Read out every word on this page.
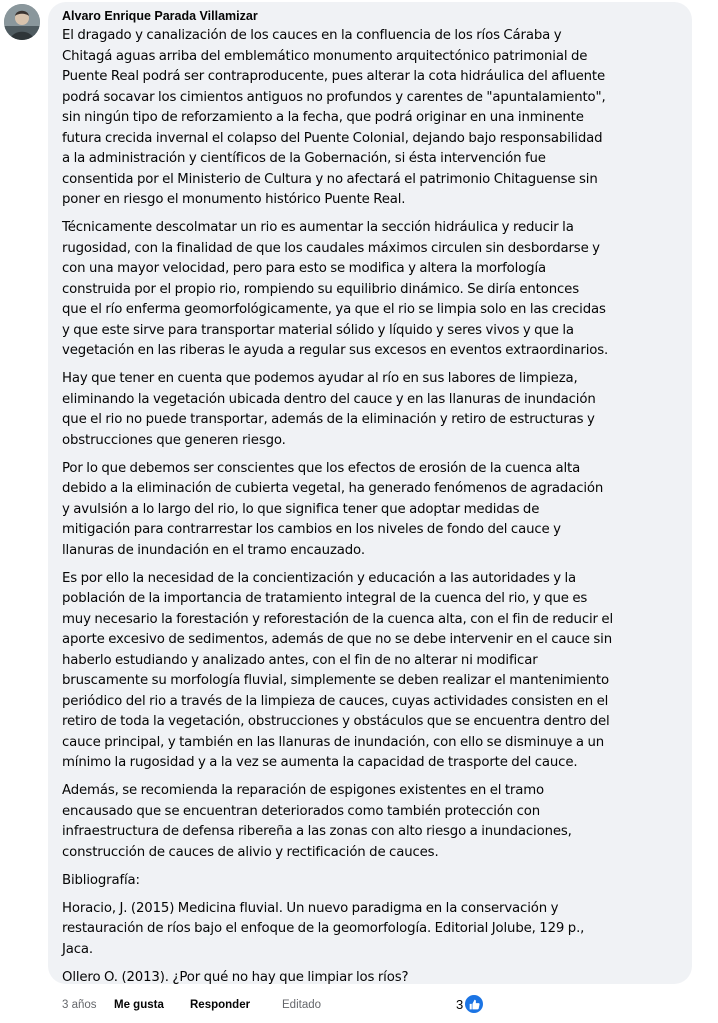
Alvaro Enrique Parada Villamizar
El dragado y canalización de los cauces en la confluencia de los ríos Cáraba y
Chitagá aguas arriba del emblemático monumento arquitectónico patrimonial de
Puente Real podrá ser contraproducente, pues alterar la cota hidráulica del afluente
podrá socavar los cimientos antiguos no profundos y carentes de "apuntalamiento",
sin ningún tipo de reforzamiento a la fecha, que podrá originar en una inminente
futura crecida invernal el colapso del Puente Colonial, dejando bajo responsabilidad
a la administración y científicos de la Gobernación, si ésta intervención fue
consentida por el Ministerio de Cultura y no afectará el patrimonio Chitaguense sin
poner en riesgo el monumento histórico Puente Real.
Técnicamente descolmatar un rio es aumentar la sección hidráulica y reducir la
rugosidad, con la finalidad de que los caudales máximos circulen sin desbordarse y
con una mayor velocidad, pero para esto se modifica y altera la morfología
construida por el propio rio, rompiendo su equilibrio dinámico. Se diría entonces
que el río enferma geomorfológicamente, ya que el rio se limpia solo en las crecidas
y que este sirve para transportar material sólido y líquido y seres vivos y que la
vegetación en las riberas le ayuda a regular sus excesos en eventos extraordinarios.
Hay que tener en cuenta que podemos ayudar al río en sus labores de limpieza,
eliminando la vegetación ubicada dentro del cauce y en las llanuras de inundación
que el rio no puede transportar, además de la eliminación y retiro de estructuras y
obstrucciones que generen riesgo.
Por lo que debemos ser conscientes que los efectos de erosión de la cuenca alta
debido a la eliminación de cubierta vegetal, ha generado fenómenos de agradación
y avulsión a lo largo del rio, lo que significa tener que adoptar medidas de
mitigación para contrarrestar los cambios en los niveles de fondo del cauce y
llanuras de inundación en el tramo encauzado.
Es por ello la necesidad de la concientización y educación a las autoridades y la
población de la importancia de tratamiento integral de la cuenca del rio, y que es
muy necesario la forestación y reforestación de la cuenca alta, con el fin de reducir el
aporte excesivo de sedimentos, además de que no se debe intervenir en el cauce sin
haberlo estudiando y analizado antes, con el fin de no alterar ni modificar
bruscamente su morfología fluvial, simplemente se deben realizar el mantenimiento
periódico del rio a través de la limpieza de cauces, cuyas actividades consisten en el
retiro de toda la vegetación, obstrucciones y obstáculos que se encuentra dentro del
cauce principal, y también en las llanuras de inundación, con ello se disminuye a un
mínimo la rugosidad y a la vez se aumenta la capacidad de trasporte del cauce.
Además, se recomienda la reparación de espigones existentes en el tramo
encausado que se encuentran deteriorados como también protección con
infraestructura de defensa ribereña a las zonas con alto riesgo a inundaciones,
construcción de cauces de alivio y rectificación de cauces.
Bibliografía:
Horacio, J. (2015) Medicina fluvial. Un nuevo paradigma en la conservación y
restauración de ríos bajo el enfoque de la geomorfología. Editorial Jolube, 129 p.,
Jaca.
Ollero O. (2013). ¿Por qué no hay que limpiar los ríos?
3 años Me gusta Responder	Editado	3
